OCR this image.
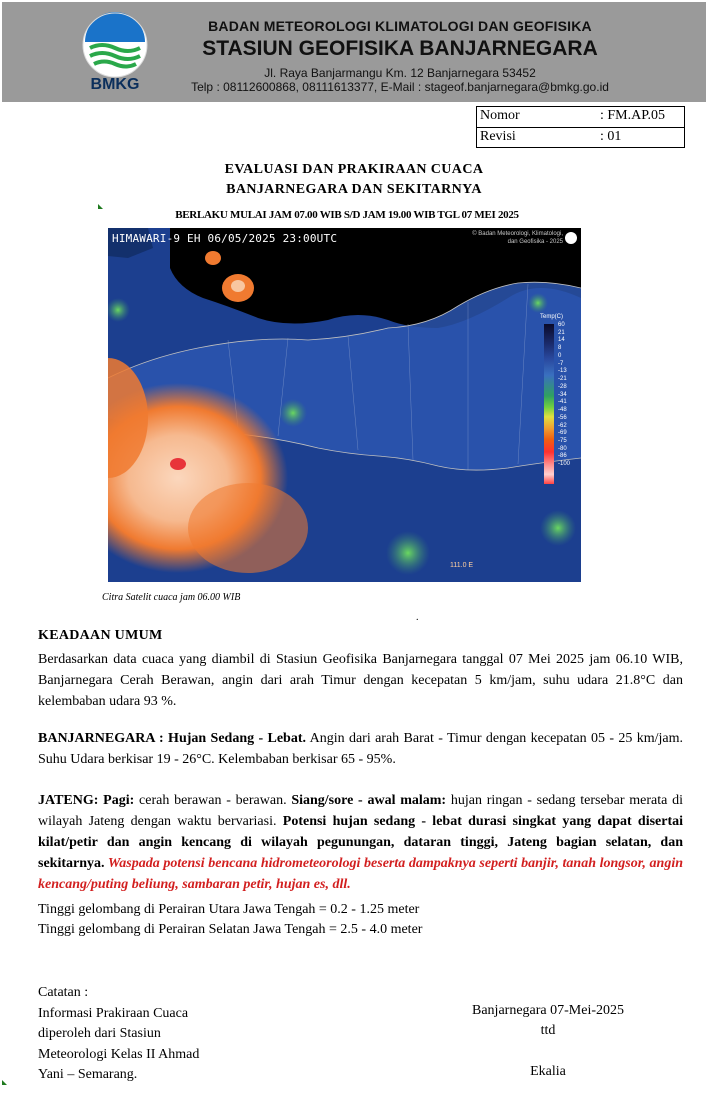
BMKG
BADAN METEOROLOGI KLIMATOLOGI DAN GEOFISIKA
STASIUN GEOFISIKA BANJARNEGARA
Jl. Raya Banjarmangu Km. 12 Banjarnegara 53452
Telp : 08112600868, 08111613377, E-Mail : stageof.banjarnegara@bmkg.go.id
Nomor	: FM.AP.05
Revisi	: 01
EVALUASI DAN PRAKIRAAN CUACA
BANJARNEGARA DAN SEKITARNYA
BERLAKU MULAI JAM 07.00 WIB S/D JAM 19.00 WIB TGL 07 MEI 2025
HIMAWARI-9 EH 06/05/2025 23:00UTC	© Badan Meteorologi, Klimatologi,
dan Geofisika - 2025
Temp(C)
60
21
14
8
0
-7
-13
-21
-28
-34
-41
-48
-56
-62
-69
-75
-80
-86
-100
111.0 E
Citra Satelit cuaca jam 06.00 WIB
.
KEADAAN UMUM
Berdasarkan data cuaca yang diambil di Stasiun Geofisika Banjarnegara tanggal 07 Mei 2025 jam 06.10 WIB, Banjarnegara Cerah Berawan, angin dari arah Timur dengan kecepatan 5 km/jam, suhu udara 21.8°C dan kelembaban udara 93 %.
BANJARNEGARA : Hujan Sedang - Lebat. Angin dari arah Barat - Timur dengan kecepatan 05 - 25 km/jam. Suhu Udara berkisar 19 - 26°C. Kelembaban berkisar 65 - 95%.
JATENG: Pagi: cerah berawan - berawan. Siang/sore - awal malam: hujan ringan - sedang tersebar merata di wilayah Jateng dengan waktu bervariasi. Potensi hujan sedang - lebat durasi singkat yang dapat disertai kilat/petir dan angin kencang di wilayah pegunungan, dataran tinggi, Jateng bagian selatan, dan sekitarnya. Waspada potensi bencana hidrometeorologi beserta dampaknya seperti banjir, tanah longsor, angin kencang/puting beliung, sambaran petir, hujan es, dll.
Tinggi gelombang di Perairan Utara Jawa Tengah = 0.2 - 1.25 meter
Tinggi gelombang di Perairan Selatan Jawa Tengah = 2.5 - 4.0 meter
Catatan :
Informasi Prakiraan Cuaca
diperoleh dari Stasiun
Meteorologi Kelas II Ahmad
Yani – Semarang.
Banjarnegara 07-Mei-2025
ttd
Ekalia
